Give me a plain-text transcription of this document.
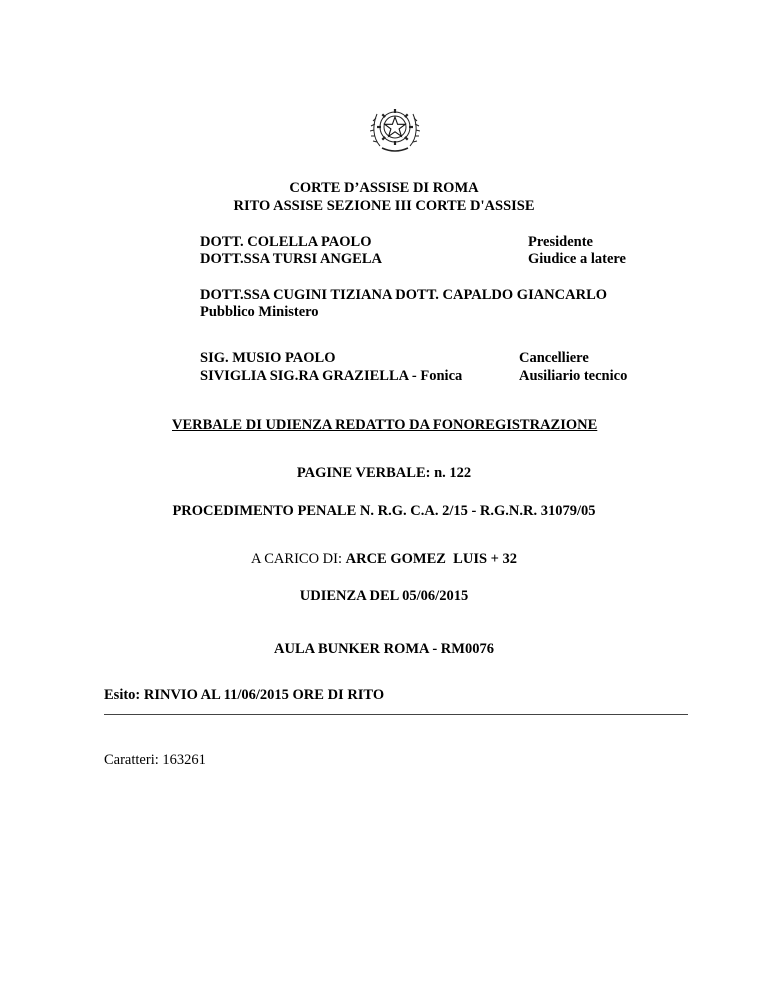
CORTE D’ASSISE DI ROMA
RITO ASSISE SEZIONE III CORTE D'ASSISE
DOTT. COLELLA PAOLO	Presidente
DOTT.SSA TURSI ANGELA	Giudice a latere
DOTT.SSA CUGINI TIZIANA DOTT. CAPALDO GIANCARLO
Pubblico Ministero
SIG. MUSIO PAOLO	Cancelliere
SIVIGLIA SIG.RA GRAZIELLA - Fonica	Ausiliario tecnico
VERBALE DI UDIENZA REDATTO DA FONOREGISTRAZIONE
PAGINE VERBALE: n. 122
PROCEDIMENTO PENALE N. R.G. C.A. 2/15 - R.G.N.R. 31079/05
A CARICO DI: ARCE GOMEZ  LUIS + 32
UDIENZA DEL 05/06/2015
AULA BUNKER ROMA - RM0076
Esito: RINVIO AL 11/06/2015 ORE DI RITO
Caratteri: 163261
